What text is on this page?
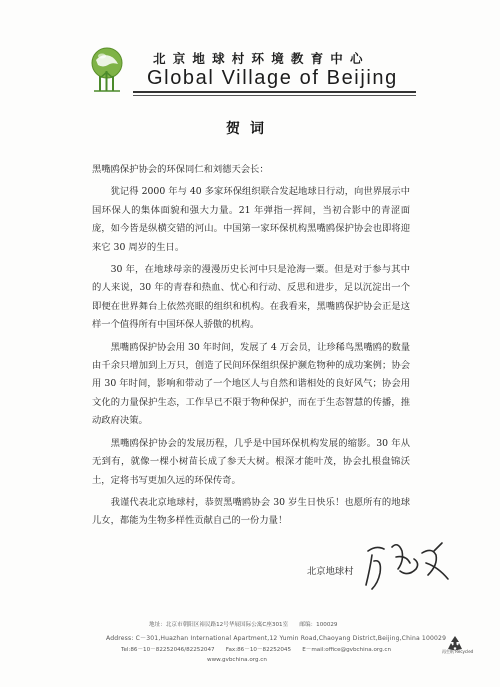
北京地球村环境教育中心
Global Village of Beijing
贺词

黑嘴鸥保护协会的环保同仁和刘德天会长：

犹记得 2000 年与 40 多家环保组织联合发起地球日行动，向世界展示中国环保人的集体面貌和强大力量。21 年弹指一挥间，当初合影中的青涩面庞，如今皆是纵横交错的河山。中国第一家环保机构黑嘴鸥保护协会也即将迎来它 30 周岁的生日。

30 年，在地球母亲的漫漫历史长河中只是沧海一粟。但是对于参与其中的人来说，30 年的青春和热血、忧心和行动、反思和进步，足以沉淀出一个即便在世界舞台上依然亮眼的组织和机构。在我看来，黑嘴鸥保护协会正是这样一个值得所有中国环保人骄傲的机构。

黑嘴鸥保护协会用 30 年时间，发展了 4 万会员，让珍稀鸟黑嘴鸥的数量由千余只增加到上万只，创造了民间环保组织保护濒危物种的成功案例；协会用 30 年时间，影响和带动了一个地区人与自然和谐相处的良好风气；协会用文化的力量保护生态，工作早已不限于物种保护，而在于生态智慧的传播，推动政府决策。

黑嘴鸥保护协会的发展历程，几乎是中国环保机构发展的缩影。30 年从无到有，就像一棵小树苗长成了参天大树。根深才能叶茂，协会扎根盘锦沃土，定将书写更加久远的环保传奇。

我谨代表北京地球村，恭贺黑嘴鸥协会 30 岁生日快乐！也愿所有的地球儿女，都能为生物多样性贡献自己的一份力量！

北京地球村
地址：北京市朝阳区裕民路12号华展国际公寓C座301室　　邮编：100029
Address: C－301,Huazhan International Apartment,12 Yumin Road,Chaoyang District,Beijing,China 100029
Tel:86－10－82252046/82252047　　Fax:86－10－82252045　　E－mail:office@gvbchina.org.cn
www.gvbchina.org.cn
再生纸 Recycled
